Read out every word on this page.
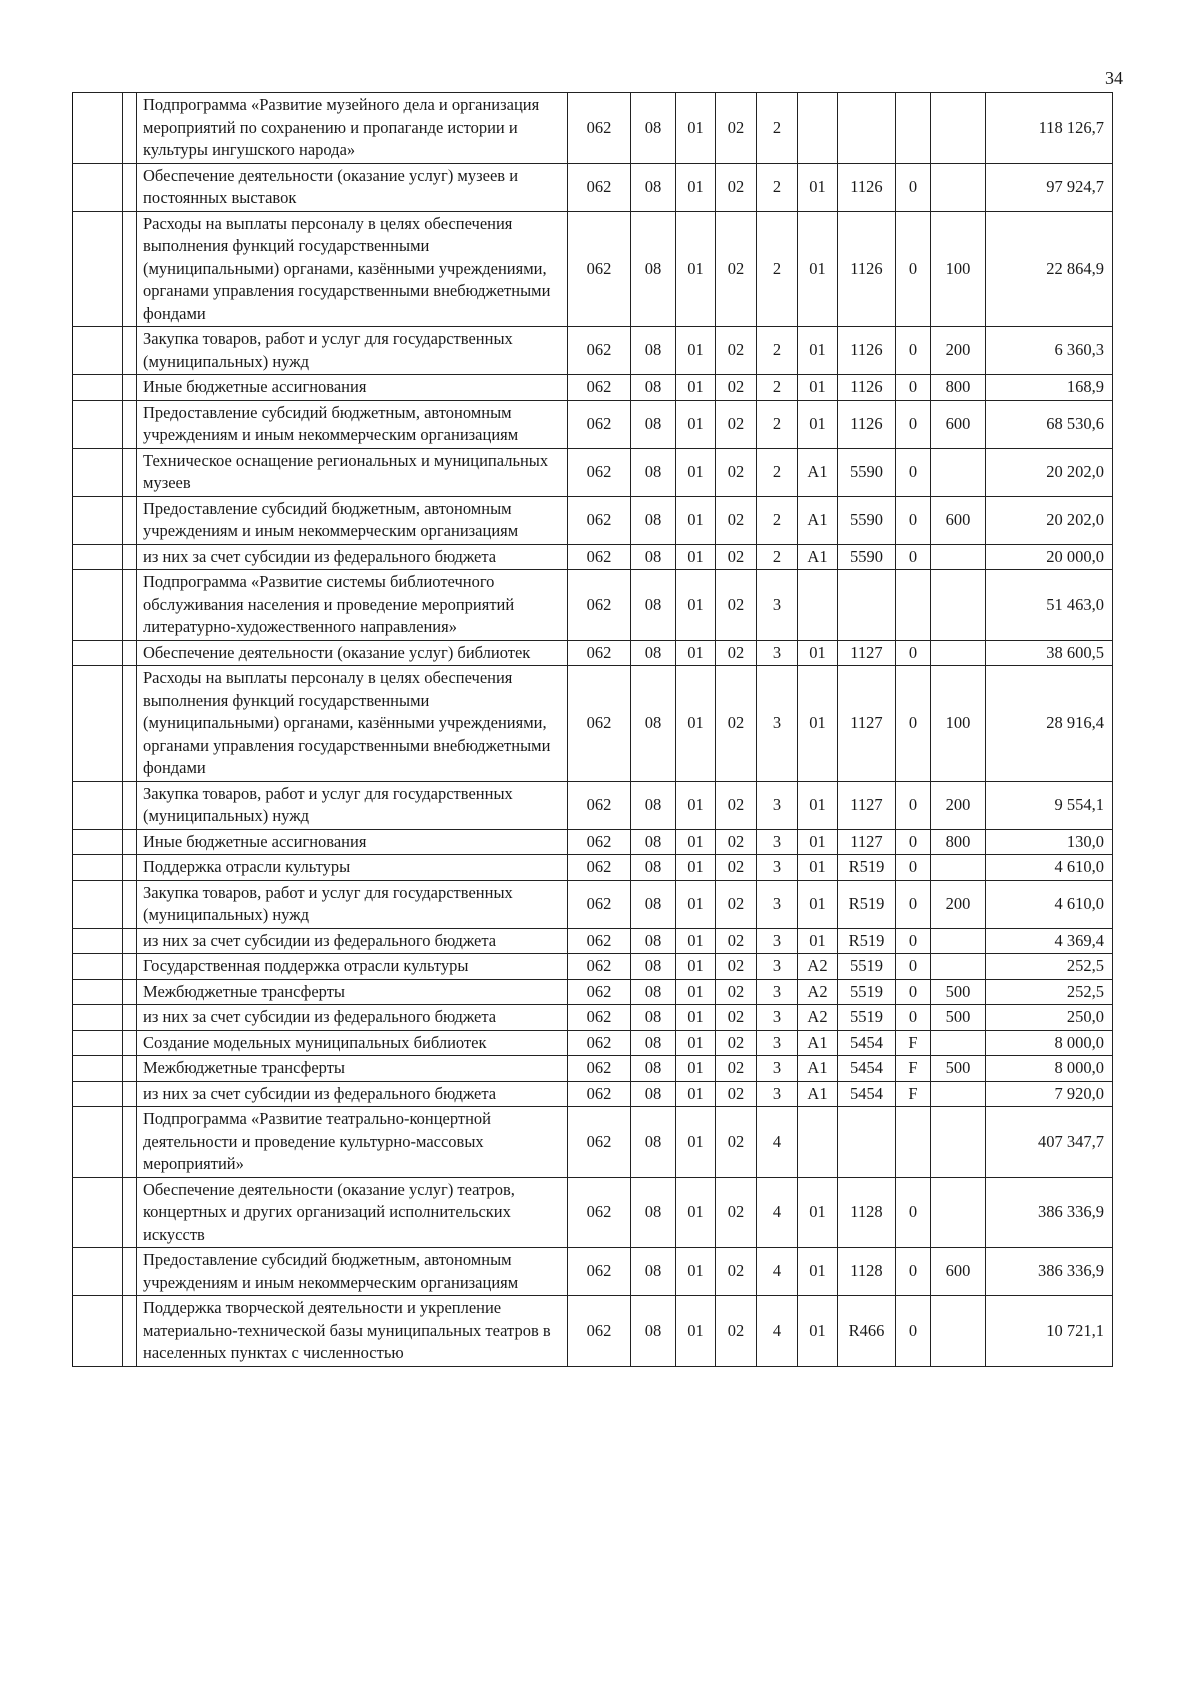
34
		Подпрограмма «Развитие музейного дела и организация мероприятий по сохранению и пропаганде истории и культуры ингушского народа»	062	08	01	02	2					118 126,7
		Обеспечение деятельности (оказание услуг) музеев и постоянных выставок	062	08	01	02	2	01	1126	0		97 924,7
		Расходы на выплаты персоналу в целях обеспечения выполнения функций государственными (муниципальными) органами, казёнными учреждениями, органами управления государственными внебюджетными фондами	062	08	01	02	2	01	1126	0	100	22 864,9
		Закупка товаров, работ и услуг для государственных (муниципальных) нужд	062	08	01	02	2	01	1126	0	200	6 360,3
		Иные бюджетные ассигнования	062	08	01	02	2	01	1126	0	800	168,9
		Предоставление субсидий бюджетным, автономным учреждениям и иным некоммерческим организациям	062	08	01	02	2	01	1126	0	600	68 530,6
		Техническое оснащение региональных и муниципальных музеев	062	08	01	02	2	A1	5590	0		20 202,0
		Предоставление субсидий бюджетным, автономным учреждениям и иным некоммерческим организациям	062	08	01	02	2	A1	5590	0	600	20 202,0
		из них за счет субсидии из федерального бюджета	062	08	01	02	2	A1	5590	0		20 000,0
		Подпрограмма «Развитие системы библиотечного обслуживания населения и проведение мероприятий литературно-художественного направления»	062	08	01	02	3					51 463,0
		Обеспечение деятельности (оказание услуг) библиотек	062	08	01	02	3	01	1127	0		38 600,5
		Расходы на выплаты персоналу в целях обеспечения выполнения функций государственными (муниципальными) органами, казёнными учреждениями, органами управления государственными внебюджетными фондами	062	08	01	02	3	01	1127	0	100	28 916,4
		Закупка товаров, работ и услуг для государственных (муниципальных) нужд	062	08	01	02	3	01	1127	0	200	9 554,1
		Иные бюджетные ассигнования	062	08	01	02	3	01	1127	0	800	130,0
		Поддержка отрасли культуры	062	08	01	02	3	01	R519	0		4 610,0
		Закупка товаров, работ и услуг для государственных (муниципальных) нужд	062	08	01	02	3	01	R519	0	200	4 610,0
		из них за счет субсидии из федерального бюджета	062	08	01	02	3	01	R519	0		4 369,4
		Государственная поддержка отрасли культуры	062	08	01	02	3	A2	5519	0		252,5
		Межбюджетные трансферты	062	08	01	02	3	A2	5519	0	500	252,5
		из них за счет субсидии из федерального бюджета	062	08	01	02	3	A2	5519	0	500	250,0
		Создание модельных муниципальных библиотек	062	08	01	02	3	A1	5454	F		8 000,0
		Межбюджетные трансферты	062	08	01	02	3	A1	5454	F	500	8 000,0
		из них за счет субсидии из федерального бюджета	062	08	01	02	3	A1	5454	F		7 920,0
		Подпрограмма «Развитие театрально-концертной деятельности и проведение культурно-массовых мероприятий»	062	08	01	02	4					407 347,7
		Обеспечение деятельности (оказание услуг) театров, концертных и других организаций исполнительских искусств	062	08	01	02	4	01	1128	0		386 336,9
		Предоставление субсидий бюджетным, автономным учреждениям и иным некоммерческим организациям	062	08	01	02	4	01	1128	0	600	386 336,9
		Поддержка творческой деятельности и укрепление материально-технической базы муниципальных театров в населенных пунктах с численностью	062	08	01	02	4	01	R466	0		10 721,1
